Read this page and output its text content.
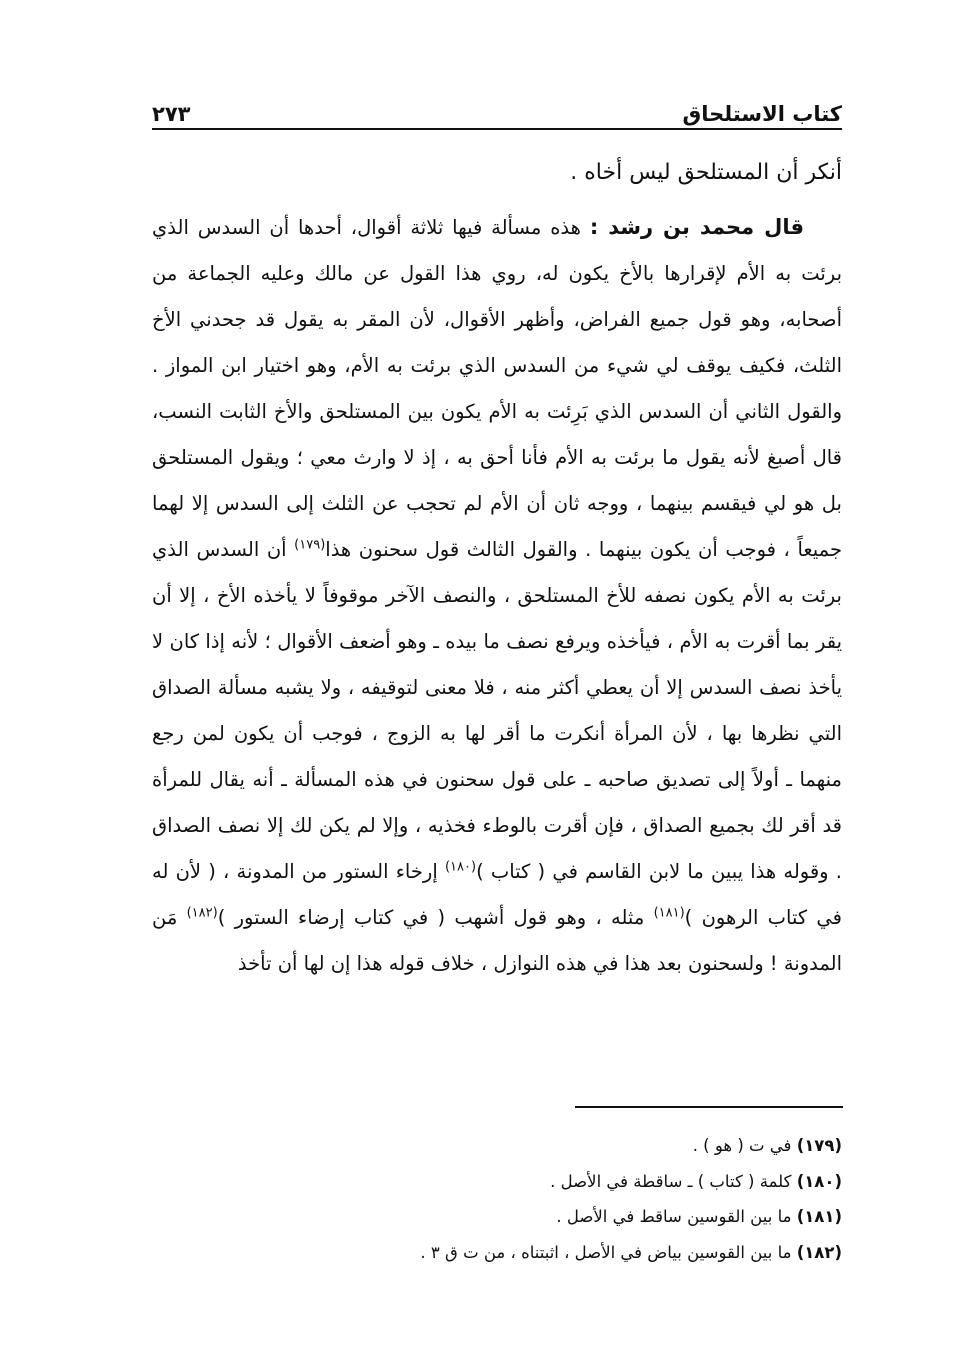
كتاب الاستلحاق
٢٧٣

أنكر أن المستلحق ليس أخاه .

قال محمد بن رشد : هذه مسألة فيها ثلاثة أقوال، أحدها أن السدس الذي برئت به الأم لإقرارها بالأخ يكون له، روي هذا القول عن مالك وعليه الجماعة من أصحابه، وهو قول جميع الفراض، وأظهر الأقوال، لأن المقر به يقول قد جحدني الأخ الثلث، فكيف يوقف لي شيء من السدس الذي برئت به الأم، وهو اختيار ابن المواز . والقول الثاني أن السدس الذي بَرِئت به الأم يكون بين المستلحق والأخ الثابت النسب، قال أصبغ لأنه يقول ما برئت به الأم فأنا أحق به ، إذ لا وارث معي ؛ ويقول المستلحق بل هو لي فيقسم بينهما ، ووجه ثان أن الأم لم تحجب عن الثلث إلى السدس إلا لهما جميعاً ، فوجب أن يكون بينهما . والقول الثالث قول سحنون هذا$^{(١٧٩)}$ أن السدس الذي برئت به الأم يكون نصفه للأخ المستلحق ، والنصف الآخر موقوفاً لا يأخذه الأخ ، إلا أن يقر بما أقرت به الأم ، فيأخذه ويرفع نصف ما بيده ـ وهو أضعف الأقوال ؛ لأنه إذا كان لا يأخذ نصف السدس إلا أن يعطي أكثر منه ، فلا معنى لتوقيفه ، ولا يشبه مسألة الصداق التي نظرها بها ، لأن المرأة أنكرت ما أقر لها به الزوج ، فوجب أن يكون لمن رجع منهما ـ أولاً إلى تصديق صاحبه ـ على قول سحنون في هذه المسألة ـ أنه يقال للمرأة قد أقر لك بجميع الصداق ، فإن أقرت بالوطء فخذيه ، وإلا لم يكن لك إلا نصف الصداق . وقوله هذا يبين ما لابن القاسم في ( كتاب )$^{(١٨٠)}$ إرخاء الستور من المدونة ، ( لأن له في كتاب الرهون )$^{(١٨١)}$ مثله ، وهو قول أشهب ( في كتاب إرضاء الستور )$^{(١٨٢)}$ مَن المدونة ! ولسحنون بعد هذا في هذه النوازل ، خلاف قوله هذا إن لها أن تأخذ

(١٧٩) في ت ( هو ) .

(١٨٠) كلمة ( كتاب ) ـ ساقطة في الأصل .

(١٨١) ما بين القوسين ساقط في الأصل .

(١٨٢) ما بين القوسين بياض في الأصل ، اثبتناه ، من ت ق ٣ .
